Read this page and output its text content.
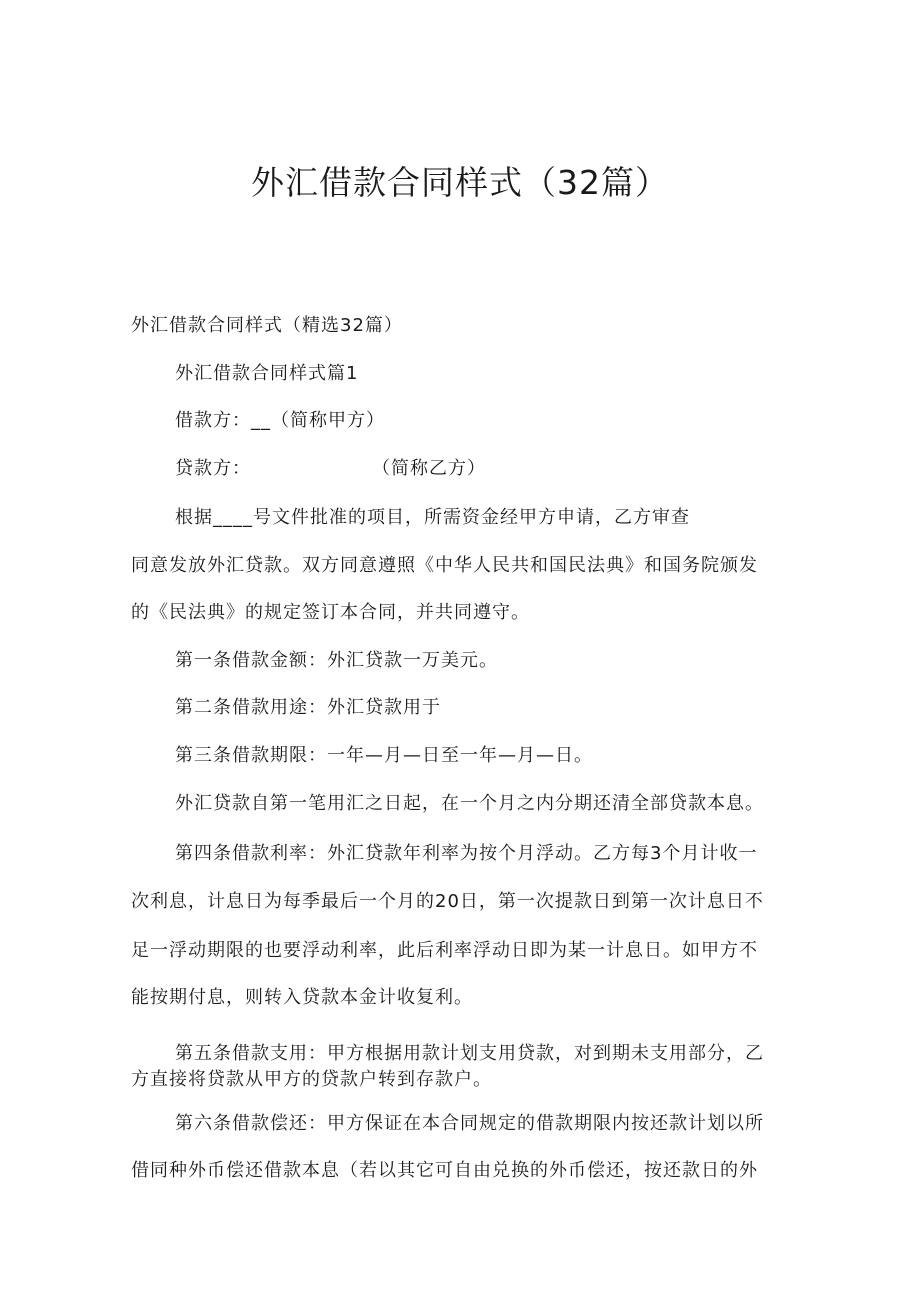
外汇借款合同样式（32篇）
外汇借款合同样式（精选32篇）
外汇借款合同样式篇1
借款方：__（简称甲方）
贷款方：                  （简称乙方）
根据____号文件批准的项目，所需资金经甲方申请，乙方审查
同意发放外汇贷款。双方同意遵照《中华人民共和国民法典》和国务院颁发
的《民法典》的规定签订本合同，并共同遵守。
第一条借款金额：外汇贷款一万美元。
第二条借款用途：外汇贷款用于
第三条借款期限：一年—月—日至一年—月—日。
外汇贷款自第一笔用汇之日起，在一个月之内分期还清全部贷款本息。
第四条借款利率：外汇贷款年利率为按个月浮动。乙方每3个月计收一
次利息，计息日为每季最后一个月的20日，第一次提款日到第一次计息日不
足一浮动期限的也要浮动利率，此后利率浮动日即为某一计息日。如甲方不
能按期付息，则转入贷款本金计收复利。
第五条借款支用：甲方根据用款计划支用贷款，对到期未支用部分，乙
方直接将贷款从甲方的贷款户转到存款户。
第六条借款偿还：甲方保证在本合同规定的借款期限内按还款计划以所
借同种外币偿还借款本息（若以其它可自由兑换的外币偿还，按还款日的外
